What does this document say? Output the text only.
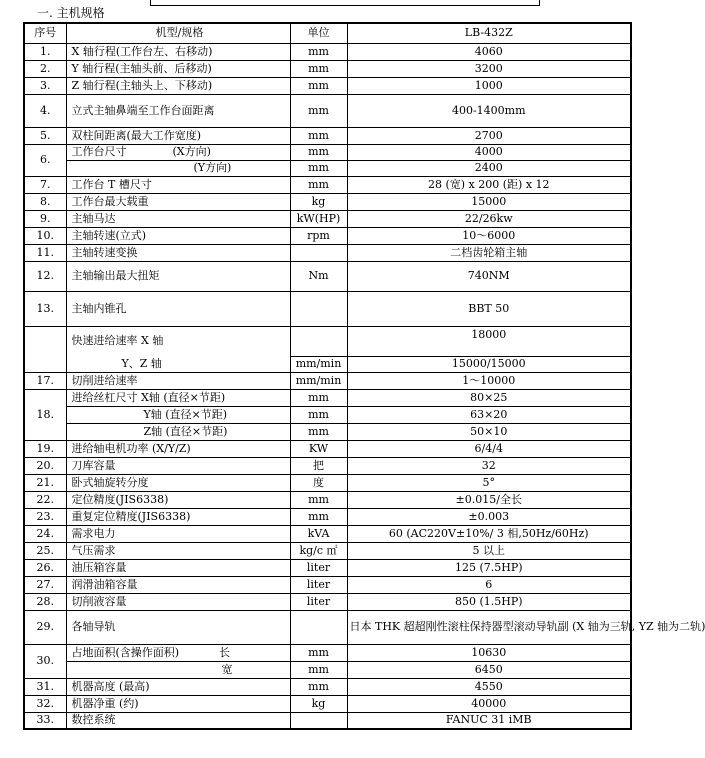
一. 主机规格
序号	机型/规格	单位	LB-432Z
1.	X 轴行程(工作台左、右移动)	mm	4060
2.	Y 轴行程(主轴头前、后移动)	mm	3200
3.	Z 轴行程(主轴头上、下移动)	mm	1000
4.	立式主轴鼻端至工作台面距离	mm	400-1400mm
5.	双柱间距离(最大工作宽度)	mm	2700
6.	工作台尺寸 (X方向)	mm	4000
	(Y方向)	mm	2400
7.	工作台 T 槽尺寸	mm	28 (宽) x 200 (距) x 12
8.	工作台最大载重	kg	15000
9.	主轴马达	kW(HP)	22/26kw
10.	主轴转速(立式)	rpm	10～6000
11.	主轴转速变换		二档齿轮箱主轴
12.	主轴输出最大扭矩	Nm	740NM
13.	主轴内锥孔		BBT 50
	快速进给速率 X 轴		18000
	Y、Z 轴	mm/min	15000/15000
17.	切削进给速率	mm/min	1～10000
18.	进给丝杠尺寸 X轴 (直径×节距)	mm	80×25
	Y轴 (直径×节距)	mm	63×20
	Z轴 (直径×节距)	mm	50×10
19.	进给轴电机功率 (X/Y/Z)	KW	6/4/4
20.	刀库容量	把	32
21.	卧式轴旋转分度	度	5°
22.	定位精度(JIS6338)	mm	±0.015/全长
23.	重复定位精度(JIS6338)	mm	±0.003
24.	需求电力	kVA	60 (AC220V±10%/ 3 相,50Hz/60Hz)
25.	气压需求	kg/c ㎡	5 以上
26.	油压箱容量	liter	125 (7.5HP)
27.	润滑油箱容量	liter	6
28.	切削液容量	liter	850 (1.5HP)
29.	各轴导轨		日本 THK 超超刚性滚柱保持器型滚动导轨副 (X 轴为三轨, YZ 轴为二轨)
30.	占地面积(含操作面积) 长	mm	10630
	宽	mm	6450
31.	机器高度 (最高)	mm	4550
32.	机器净重 (约)	kg	40000
33.	数控系统		FANUC 31 iMB
